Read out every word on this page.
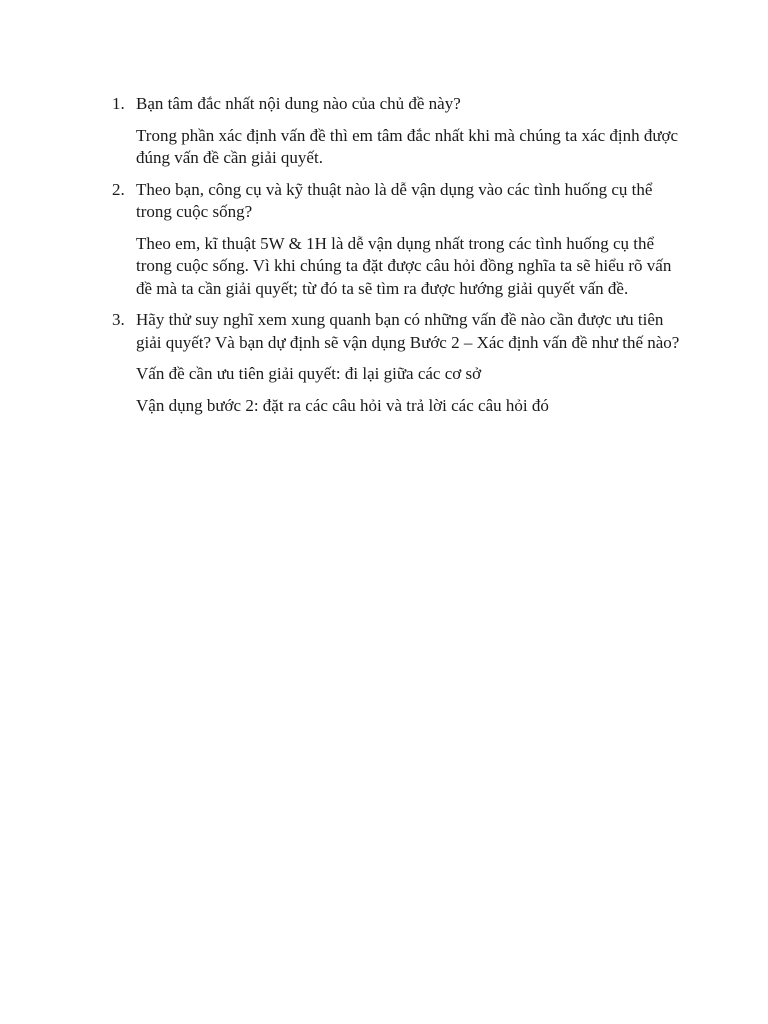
1. Bạn tâm đắc nhất nội dung nào của chủ đề này?

Trong phần xác định vấn đề thì em tâm đắc nhất khi mà chúng ta xác định được đúng vấn đề cần giải quyết.

2. Theo bạn, công cụ và kỹ thuật nào là dễ vận dụng vào các tình huống cụ thể trong cuộc sống?

Theo em, kĩ thuật 5W & 1H là dễ vận dụng nhất trong các tình huống cụ thể trong cuộc sống. Vì khi chúng ta đặt được câu hỏi đồng nghĩa ta sẽ hiểu rõ vấn đề mà ta cần giải quyết; từ đó ta sẽ tìm ra được hướng giải quyết vấn đề.

3. Hãy thử suy nghĩ xem xung quanh bạn có những vấn đề nào cần được ưu tiên giải quyết? Và bạn dự định sẽ vận dụng Bước 2 – Xác định vấn đề như thế nào?

Vấn đề cần ưu tiên giải quyết: đi lại giữa các cơ sở

Vận dụng bước 2: đặt ra các câu hỏi và trả lời các câu hỏi đó
